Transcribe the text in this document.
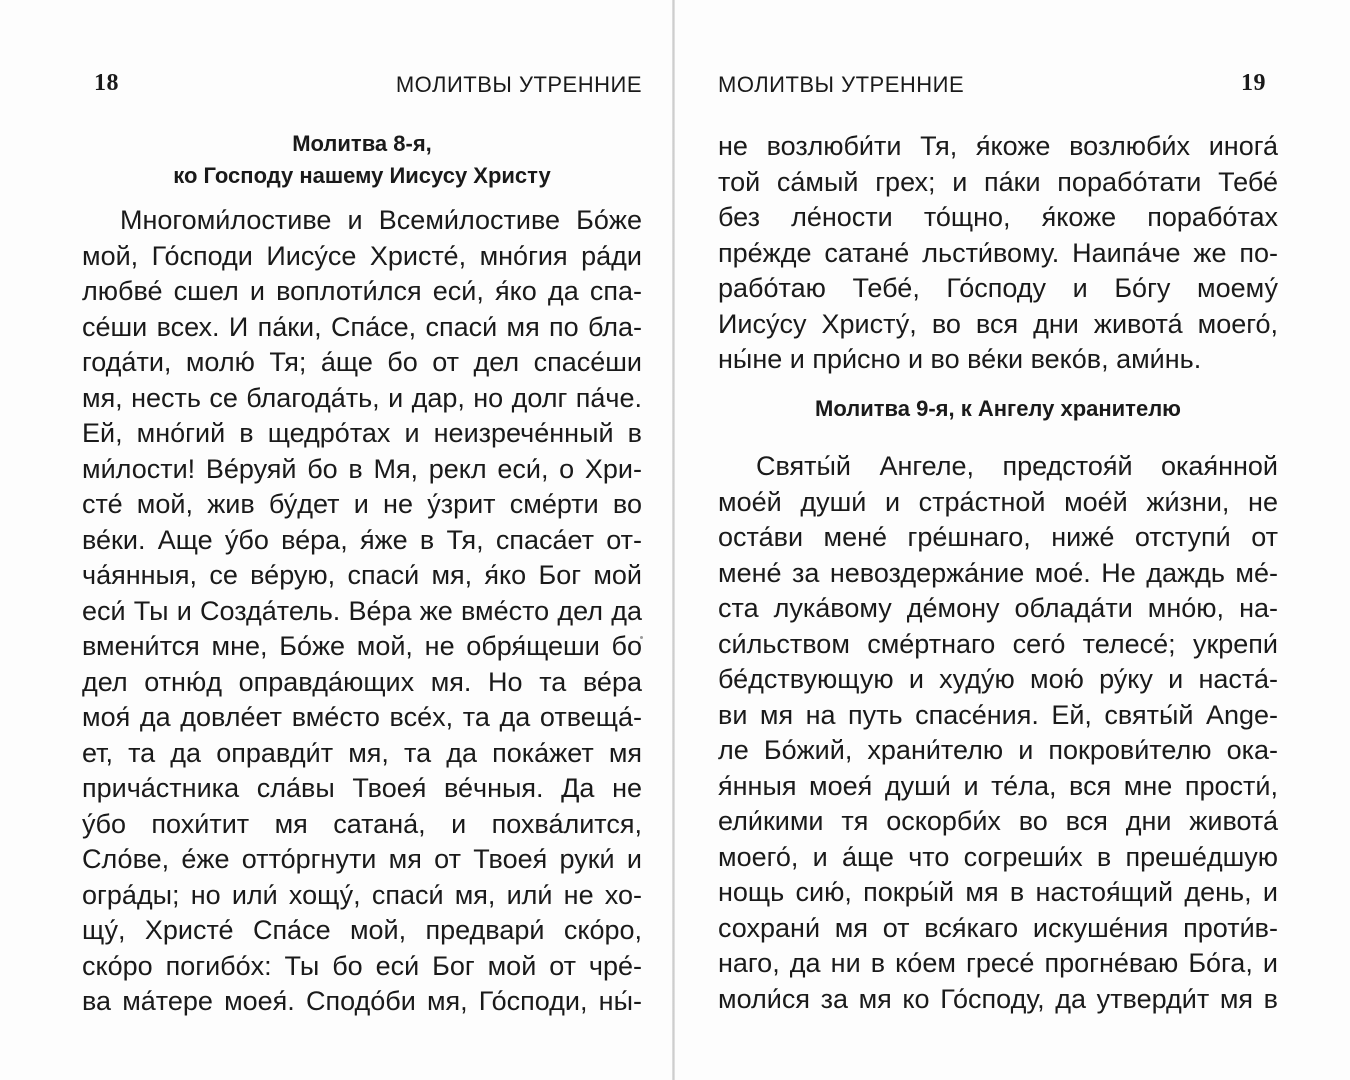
18	МОЛИТВЫ УТРЕННИЕ
Молитва 8-я,
ко Господу нашему Иисусу Христу
Многоми́лостиве и Всеми́лостиве Бо́же
мой, Го́споди Иису́се Христе́, мно́гия ра́ди
любве́ сшел и воплоти́лся еси́, я́ко да спа-
се́ши всех. И па́ки, Спа́се, спаси́ мя по бла-
года́ти, молю́ Тя; а́ще бо от дел спасе́ши
мя, несть се благода́ть, и дар, но долг па́че.
Ей, мно́гий в щедро́тах и неизрече́нный в
ми́лости! Ве́руяй бо в Мя, рекл еси́, о Хри-
сте́ мой, жив бу́дет и не у́зрит сме́рти во
ве́ки. Аще у́бо ве́ра, я́же в Тя, спаса́ет от-
ча́янныя, се ве́рую, спаси́ мя, я́ко Бог мой
еси́ Ты и Созда́тель. Ве́ра же вме́сто дел да
вмени́тся мне, Бо́же мой, не обря́щеши бо
дел отню́д оправда́ющих мя. Но та ве́ра
моя́ да довле́ет вме́сто все́х, та да отвеща́-
ет, та да оправди́т мя, та да пока́жет мя
прича́стника сла́вы Твоея́ ве́чныя. Да не
у́бо похи́тит мя сатана́, и похва́лится,
Сло́ве, е́же отто́ргнути мя от Твоея́ руки́ и
огра́ды; но или́ хощу́, спаси́ мя, или́ не хо-
щу́, Христе́ Спа́се мой, предвари́ ско́ро,
ско́ро погибо́х: Ты бо еси́ Бог мой от чре́-
ва ма́тере моея́. Сподо́би мя, Го́споди, ны́-
МОЛИТВЫ УТРЕННИЕ	19
не возлюби́ти Тя, я́коже возлюби́х инога́
той са́мый грех; и па́ки порабо́тати Тебе́
без ле́ности то́щно, я́коже порабо́тах
пре́жде сатане́ льсти́вому. Наипа́че же по-
рабо́таю Тебе́, Го́споду и Бо́гу моему́
Иису́су Христу́, во вся дни живота́ моего́,
ны́не и при́сно и во ве́ки веко́в, ами́нь.
Молитва 9-я, к Ангелу хранителю
Святы́й Ангеле, предстоя́й окая́нной
мое́й души́ и стра́стной мое́й жи́зни, не
оста́ви мене́ гре́шнаго, ниже́ отступи́ от
мене́ за невоздержа́ние мое́. Не даждь ме́-
ста лука́вому де́мону облада́ти мно́ю, на-
си́льством сме́ртнаго сего́ телесе́; укрепи́
бе́дствующую и худу́ю мою́ ру́ку и наста́-
ви мя на путь спасе́ния. Ей, святы́й Ange-
ле Бо́жий, храни́телю и покрови́телю ока-
я́нныя моея́ души́ и те́ла, вся мне прости́,
ели́кими тя оскорби́х во вся дни живота́
моего́, и а́ще что согреши́х в преше́дшую
нощь сию́, покры́й мя в настоя́щий день, и
сохрани́ мя от вся́каго искуше́ния проти́в-
наго, да ни в ко́ем гресе́ прогне́ваю Бо́га, и
моли́ся за мя ко Го́споду, да утверди́т мя в
